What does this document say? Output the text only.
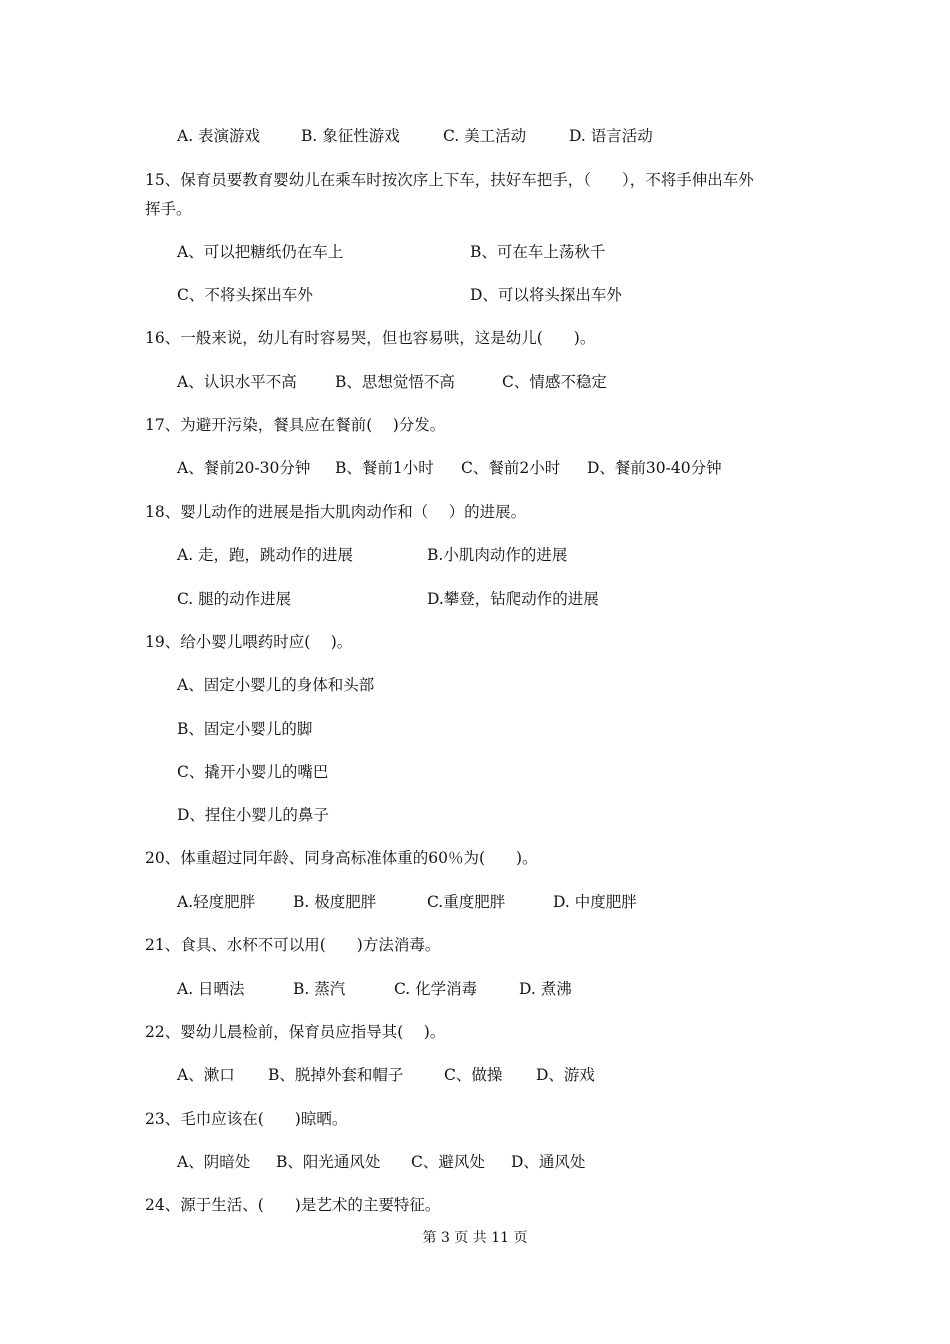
A. 表演游戏	B. 象征性游戏	C. 美工活动	D. 语言活动
15、保育员要教育婴幼儿在乘车时按次序上下车，扶好车把手，（　　），不将手伸出车外
挥手。
A、可以把糖纸仍在车上	B、可在车上荡秋千
C、不将头探出车外	D、可以将头探出车外
16、一般来说，幼儿有时容易哭，但也容易哄，这是幼儿(　　)。
A、认识水平不高 B、思想觉悟不高	C、情感不稳定
17、为避开污染，餐具应在餐前(　 )分发。
A、餐前20-30分钟 B、餐前1小时 C、餐前2小时 D、餐前30-40分钟
18、婴儿动作的进展是指大肌肉动作和（　 ）的进展。
A. 走，跑，跳动作的进展	B.小肌肉动作的进展
C. 腿的动作进展	D.攀登，钻爬动作的进展
19、给小婴儿喂药时应(　 )。
A、固定小婴儿的身体和头部
B、固定小婴儿的脚
C、撬开小婴儿的嘴巴
D、捏住小婴儿的鼻子
20、体重超过同年龄、同身高标准体重的60％为(　　)。
A.轻度肥胖 B. 极度肥胖	C.重度肥胖	D. 中度肥胖
21、食具、水杯不可以用(　　)方法消毒。
A. 日晒法	B. 蒸汽	C. 化学消毒	D. 煮沸
22、婴幼儿晨检前，保育员应指导其(　 )。
A、漱口 B、脱掉外套和帽子	C、做操 D、游戏
23、毛巾应该在(　　)晾晒。
A、阴暗处 B、阳光通风处 C、避风处 D、通风处
24、源于生活、(　　)是艺术的主要特征。
第 3 页 共 11 页
